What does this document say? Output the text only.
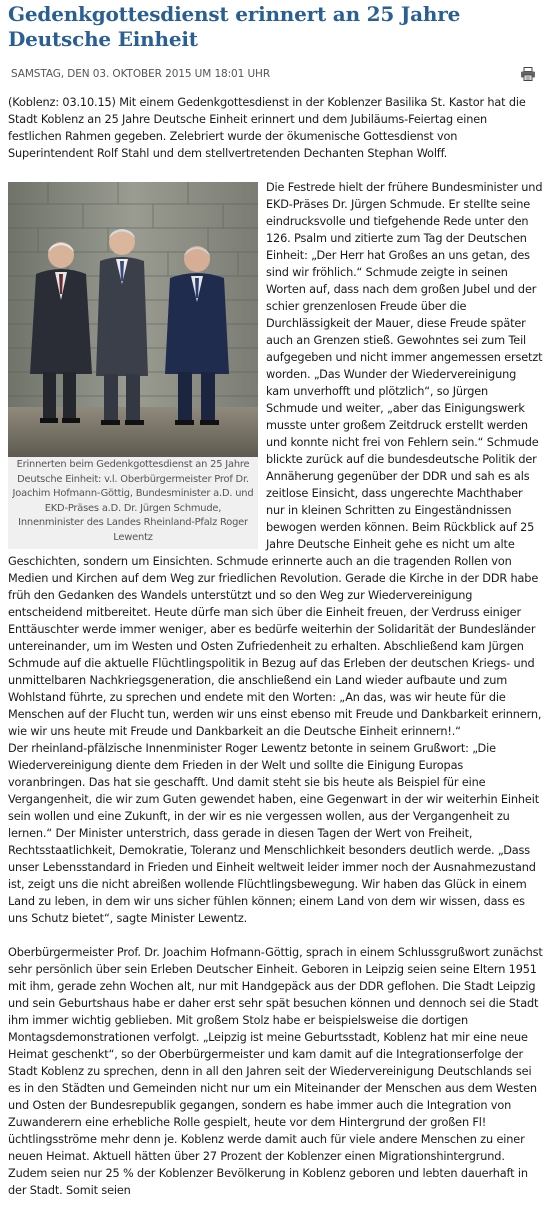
Gedenkgottesdienst erinnert an 25 Jahre Deutsche Einheit
SAMSTAG, DEN 03. OKTOBER 2015 UM 18:01 UHR

(Koblenz: 03.10.15) Mit einem Gedenkgottesdienst in der Koblenzer Basilika St. Kastor hat die Stadt Koblenz an 25 Jahre Deutsche Einheit erinnert und dem Jubiläums-Feiertag einen festlichen Rahmen gegeben. Zelebriert wurde der ökumenische Gottesdienst von Superintendent Rolf Stahl und dem stellvertretenden Dechanten Stephan Wolff.

Erinnerten beim Gedenkgottesdienst an 25 Jahre Deutsche Einheit: v.l. Oberbürgermeister Prof Dr. Joachim Hofmann-Göttig, Bundesminister a.D. und EKD-Präses a.D. Dr. Jürgen Schmude, Innenminister des Landes Rheinland-Pfalz Roger Lewentz

Die Festrede hielt der frühere Bundesminister und EKD-Präses Dr. Jürgen Schmude. Er stellte seine eindrucksvolle und tiefgehende Rede unter den 126. Psalm und zitierte zum Tag der Deutschen Einheit: „Der Herr hat Großes an uns getan, des sind wir fröhlich.“ Schmude zeigte in seinen Worten auf, dass nach dem großen Jubel und der schier grenzenlosen Freude über die Durchlässigkeit der Mauer, diese Freude später auch an Grenzen stieß. Gewohntes sei zum Teil aufgegeben und nicht immer angemessen ersetzt worden. „Das Wunder der Wiedervereinigung kam unverhofft und plötzlich“, so Jürgen Schmude und weiter, „aber das Einigungswerk musste unter großem Zeitdruck erstellt werden und konnte nicht frei von Fehlern sein.“ Schmude blickte zurück auf die bundesdeutsche Politik der Annäherung gegenüber der DDR und sah es als zeitlose Einsicht, dass ungerechte Machthaber nur in kleinen Schritten zu Eingeständnissen bewogen werden können. Beim Rückblick auf 25 Jahre Deutsche Einheit gehe es nicht um alte Geschichten, sondern um Einsichten. Schmude erinnerte auch an die tragenden Rollen von Medien und Kirchen auf dem Weg zur friedlichen Revolution. Gerade die Kirche in der DDR habe früh den Gedanken des Wandels unterstützt und so den Weg zur Wiedervereinigung entscheidend mitbereitet. Heute dürfe man sich über die Einheit freuen, der Verdruss einiger Enttäuschter werde immer weniger, aber es bedürfe weiterhin der Solidarität der Bundesländer untereinander, um im Westen und Osten Zufriedenheit zu erhalten. Abschließend kam Jürgen Schmude auf die aktuelle Flüchtlingspolitik in Bezug auf das Erleben der deutschen Kriegs- und unmittelbaren Nachkriegsgeneration, die anschließend ein Land wieder aufbaute und zum Wohlstand führte, zu sprechen und endete mit den Worten: „An das, was wir heute für die Menschen auf der Flucht tun, werden wir uns einst ebenso mit Freude und Dankbarkeit erinnern, wie wir uns heute mit Freude und Dankbarkeit an die Deutsche Einheit erinnern!.“

Der rheinland-pfälzische Innenminister Roger Lewentz betonte in seinem Grußwort: „Die Wiedervereinigung diente dem Frieden in der Welt und sollte die Einigung Europas voranbringen. Das hat sie geschafft. Und damit steht sie bis heute als Beispiel für eine Vergangenheit, die wir zum Guten gewendet haben, eine Gegenwart in der wir weiterhin Einheit sein wollen und eine Zukunft, in der wir es nie vergessen wollen, aus der Vergangenheit zu lernen.“ Der Minister unterstrich, dass gerade in diesen Tagen der Wert von Freiheit, Rechtsstaatlichkeit, Demokratie, Toleranz und Menschlichkeit besonders deutlich werde. „Dass unser Lebensstandard in Frieden und Einheit weltweit leider immer noch der Ausnahmezustand ist, zeigt uns die nicht abreißen wollende Flüchtlingsbewegung. Wir haben das Glück in einem Land zu leben, in dem wir uns sicher fühlen können; einem Land von dem wir wissen, dass es uns Schutz bietet“, sagte Minister Lewentz.

Oberbürgermeister Prof. Dr. Joachim Hofmann-Göttig, sprach in einem Schlussgrußwort zunächst sehr persönlich über sein Erleben Deutscher Einheit. Geboren in Leipzig seien seine Eltern 1951 mit ihm, gerade zehn Wochen alt, nur mit Handgepäck aus der DDR geflohen. Die Stadt Leipzig und sein Geburtshaus habe er daher erst sehr spät besuchen können und dennoch sei die Stadt ihm immer wichtig geblieben. Mit großem Stolz habe er beispielsweise die dortigen Montagsdemonstrationen verfolgt. „Leipzig ist meine Geburtsstadt, Koblenz hat mir eine neue Heimat geschenkt“, so der Oberbürgermeister und kam damit auf die Integrationserfolge der Stadt Koblenz zu sprechen, denn in all den Jahren seit der Wiedervereinigung Deutschlands sei es in den Städten und Gemeinden nicht nur um ein Miteinander der Menschen aus dem Westen und Osten der Bundesrepublik gegangen, sondern es habe immer auch die Integration von Zuwanderern eine erhebliche Rolle gespielt, heute vor dem Hintergrund der großen Fl!

üchtlingsströme mehr denn je. Koblenz werde damit auch für viele andere Menschen zu einer neuen Heimat. Aktuell hätten über 27 Prozent der Koblenzer einen Migrationshintergrund. Zudem seien nur 25 % der Koblenzer Bevölkerung in Koblenz geboren und lebten dauerhaft in der Stadt. Somit seien
